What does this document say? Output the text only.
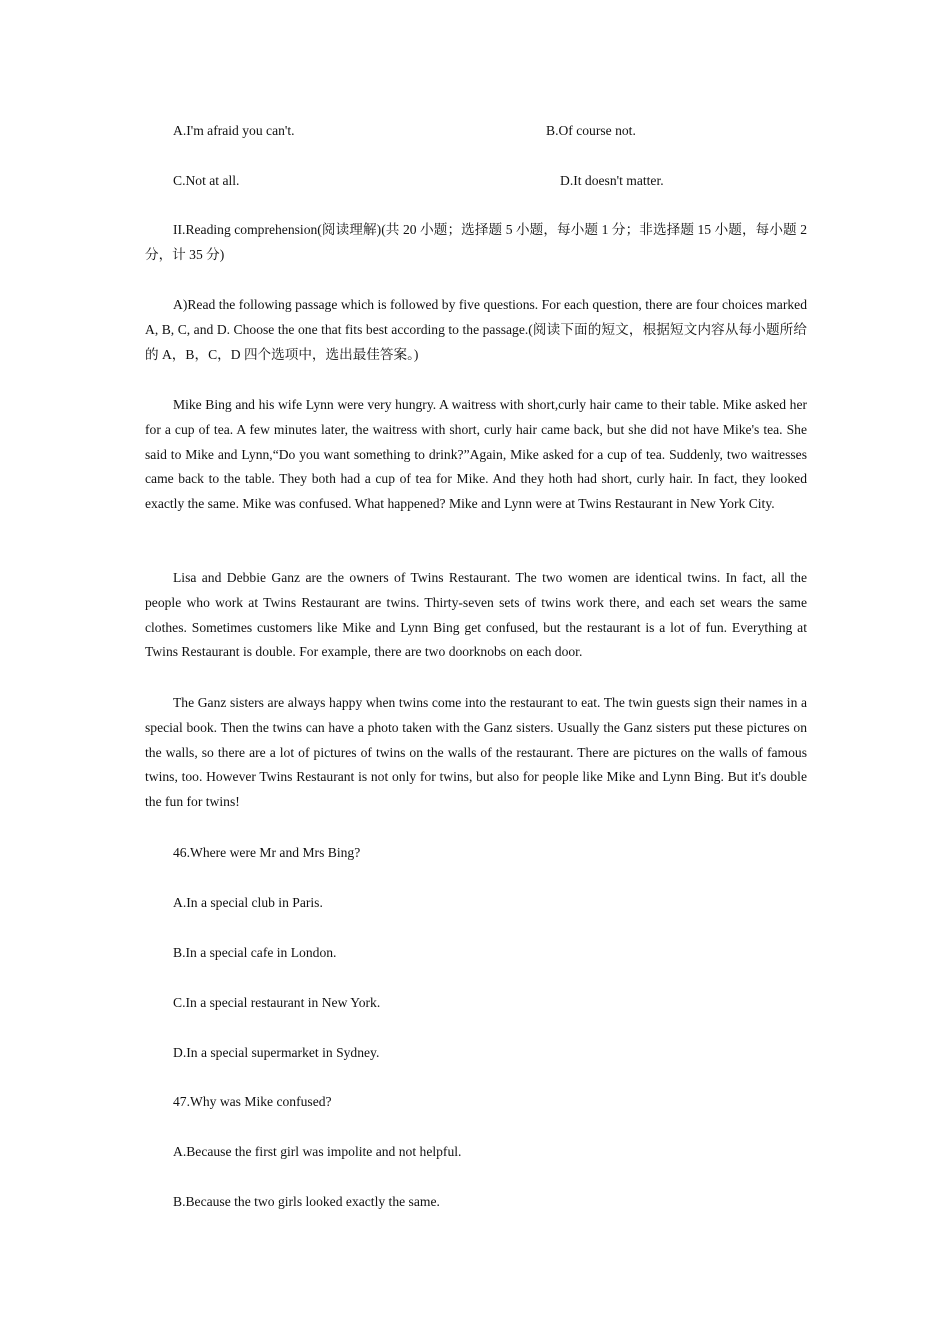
A.I'm afraid you can't.	B.Of course not.
C.Not at all.	D.It doesn't matter.
II.Reading comprehension(阅读理解)(共 20 小题；选择题 5 小题，每小题 1 分；非选择题 15 小题，每小题 2 分，计 35 分)
A)Read the following passage which is followed by five questions. For each question, there are four choices marked A, B, C, and D. Choose the one that fits best according to the passage.(阅读下面的短文，根据短文内容从每小题所给的 A，B，C，D 四个选项中，选出最佳答案。)
Mike Bing and his wife Lynn were very hungry. A waitress with short,curly hair came to their table. Mike asked her for a cup of tea. A few minutes later, the waitress with short, curly hair came back, but she did not have Mike's tea. She said to Mike and Lynn,“Do you want something to drink?”Again, Mike asked for a cup of tea. Suddenly, two waitresses came back to the table. They both had a cup of tea for Mike. And they hoth had short, curly hair. In fact, they looked exactly the same. Mike was confused. What happened? Mike and Lynn were at Twins Restaurant in New York City.
Lisa and Debbie Ganz are the owners of Twins Restaurant. The two women are identical twins. In fact, all the people who work at Twins Restaurant are twins. Thirty-seven sets of twins work there, and each set wears the same clothes. Sometimes customers like Mike and Lynn Bing get confused, but the restaurant is a lot of fun. Everything at Twins Restaurant is double. For example, there are two doorknobs on each door.
The Ganz sisters are always happy when twins come into the restaurant to eat. The twin guests sign their names in a special book. Then the twins can have a photo taken with the Ganz sisters. Usually the Ganz sisters put these pictures on the walls, so there are a lot of pictures of twins on the walls of the restaurant. There are pictures on the walls of famous twins, too. However Twins Restaurant is not only for twins, but also for people like Mike and Lynn Bing. But it's double the fun for twins!
46.Where were Mr and Mrs Bing?
A.In a special club in Paris.
B.In a special cafe in London.
C.In a special restaurant in New York.
D.In a special supermarket in Sydney.
47.Why was Mike confused?
A.Because the first girl was impolite and not helpful.
B.Because the two girls looked exactly the same.
